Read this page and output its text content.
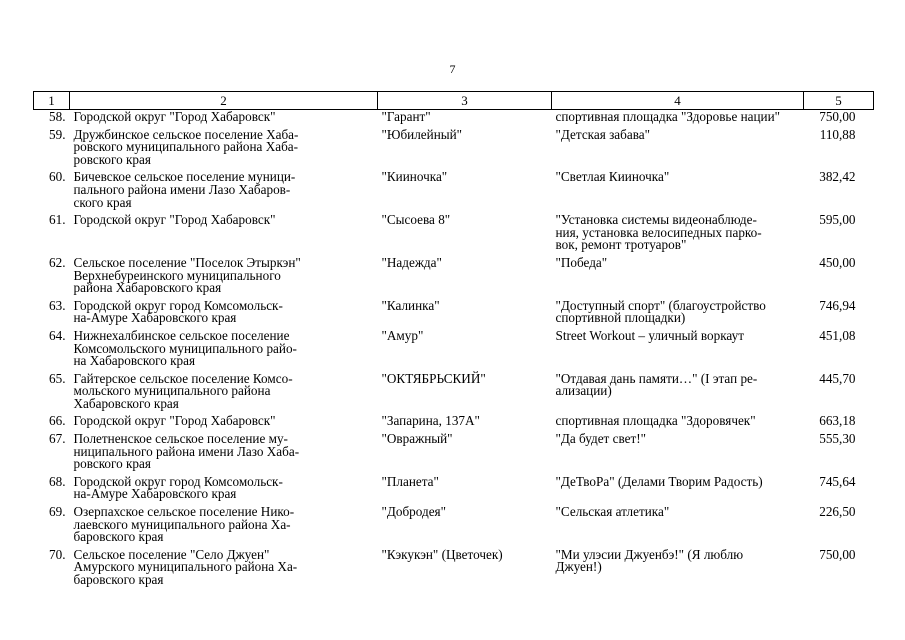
7
1	2	3	4	5
58.	Городской округ "Город Хабаровск"	"Гарант"	спортивная площадка "Здоровье нации"	750,00
59.	Дружбинское сельское поселение Хаба-
ровского муниципального района Хаба-
ровского края	"Юбилейный"	"Детская забава"	110,88
60.	Бичевское сельское поселение муници-
пального района имени Лазо Хабаров-
ского края	"Кииночка"	"Светлая Кииночка"	382,42
61.	Городской округ "Город Хабаровск"	"Сысоева 8"	"Установка системы видеонаблюде-
ния, установка велосипедных парко-
вок, ремонт тротуаров"	595,00
62.	Сельское поселение "Поселок Этыркэн"
Верхнебуреинского муниципального
района Хабаровского края	"Надежда"	"Победа"	450,00
63.	Городской округ город Комсомольск-
на-Амуре Хабаровского края	"Калинка"	"Доступный спорт" (благоустройство
спортивной площадки)	746,94
64.	Нижнехалбинское сельское поселение
Комсомольского муниципального райо-
на Хабаровского края	"Амур"	Street Workout – уличный воркаут	451,08
65.	Гайтерское сельское поселение Комсо-
мольского муниципального района
Хабаровского края	"ОКТЯБРЬСКИЙ"	"Отдавая дань памяти…" (I этап ре-
ализации)	445,70
66.	Городской округ "Город Хабаровск"	"Запарина, 137А"	спортивная площадка "Здоровячек"	663,18
67.	Полетненское сельское поселение му-
ниципального района имени Лазо Хаба-
ровского края	"Овражный"	"Да будет свет!"	555,30
68.	Городской округ город Комсомольск-
на-Амуре Хабаровского края	"Планета"	"ДеТвоРа" (Делами Творим Радость)	745,64
69.	Озерпахское сельское поселение Нико-
лаевского муниципального района Ха-
баровского края	"Добродея"	"Сельская атлетика"	226,50
70.	Сельское поселение "Село Джуен"
Амурского муниципального района Ха-
баровского края	"Кэкукэн" (Цветочек)	"Ми улэсии Джуенбэ!" (Я люблю
Джуен!)	750,00
